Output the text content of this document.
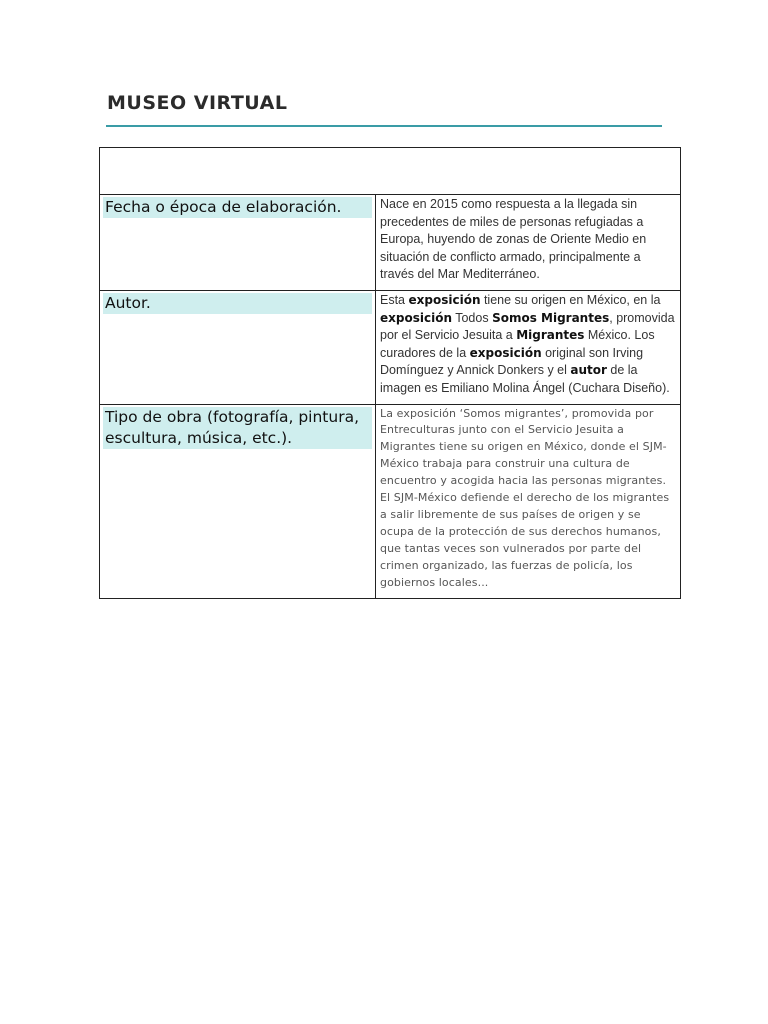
MUSEO VIRTUAL

Fecha o época de elaboración.	Nace en 2015 como respuesta a la llegada sin precedentes de miles de personas refugiadas a Europa, huyendo de zonas de Oriente Medio en situación de conflicto armado, principalmente a través del Mar Mediterráneo.

Autor.	Esta exposición tiene su origen en México, en la exposición Todos Somos Migrantes, promovida por el Servicio Jesuita a Migrantes México. Los curadores de la exposición original son Irving Domínguez y Annick Donkers y el autor de la imagen es Emiliano Molina Ángel (Cuchara Diseño).

Tipo de obra (fotografía, pintura, escultura, música, etc.).	La exposición ‘Somos migrantes’, promovida por Entreculturas junto con el Servicio Jesuita a Migrantes tiene su origen en México, donde el SJM-México trabaja para construir una cultura de encuentro y acogida hacia las personas migrantes. El SJM-México defiende el derecho de los migrantes a salir libremente de sus países de origen y se ocupa de la protección de sus derechos humanos, que tantas veces son vulnerados por parte del crimen organizado, las fuerzas de policía, los gobiernos locales...
